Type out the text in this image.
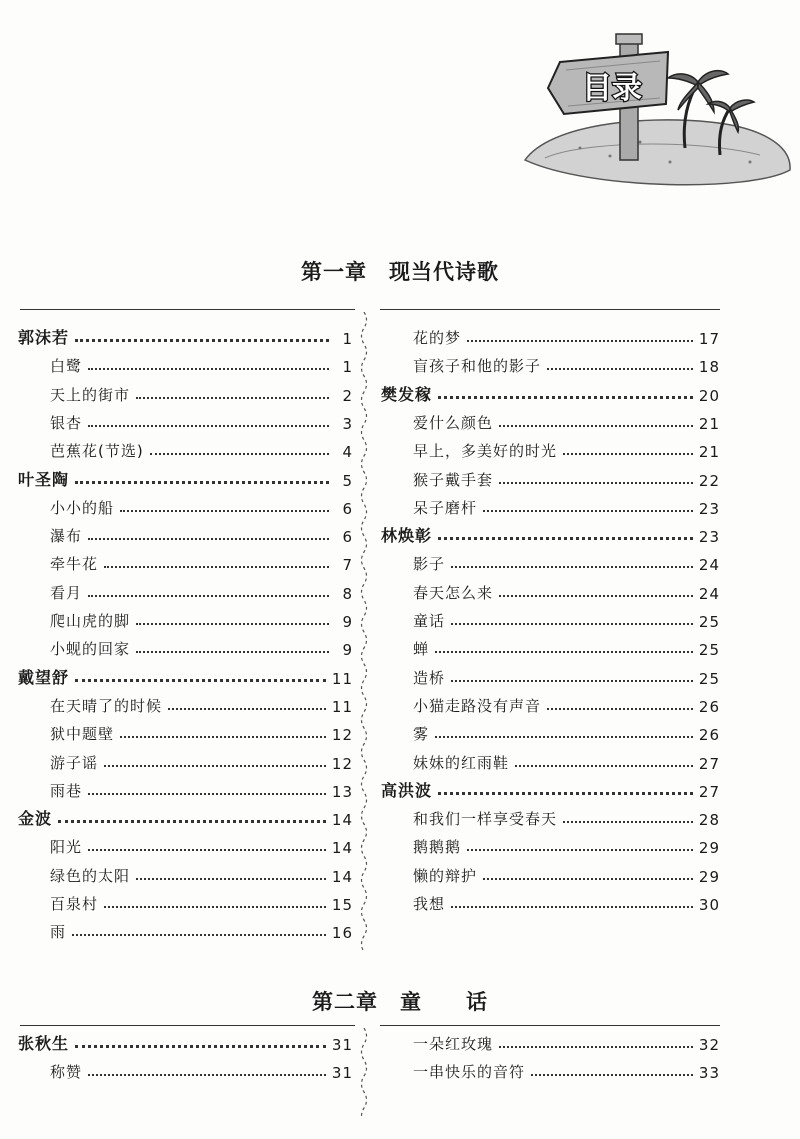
目录
第一章　现当代诗歌
郭沫若	1
白鹭	1
天上的街市	2
银杏	3
芭蕉花(节选)	4
叶圣陶	5
小小的船	6
瀑布	6
牵牛花	7
看月	8
爬山虎的脚	9
小蚬的回家	9
戴望舒	11
在天晴了的时候	11
狱中题壁	12
游子谣	12
雨巷	13
金波	14
阳光	14
绿色的太阳	14
百泉村	15
雨	16
花的梦	17
盲孩子和他的影子	18
樊发稼	20
爱什么颜色	21
早上，多美好的时光	21
猴子戴手套	22
呆子磨杆	23
林焕彰	23
影子	24
春天怎么来	24
童话	25
蝉	25
造桥	25
小猫走路没有声音	26
雾	26
妹妹的红雨鞋	27
高洪波	27
和我们一样享受春天	28
鹅鹅鹅	29
懒的辩护	29
我想	30
第二章　童　　话
张秋生	31
称赞	31
一朵红玫瑰	32
一串快乐的音符	33
